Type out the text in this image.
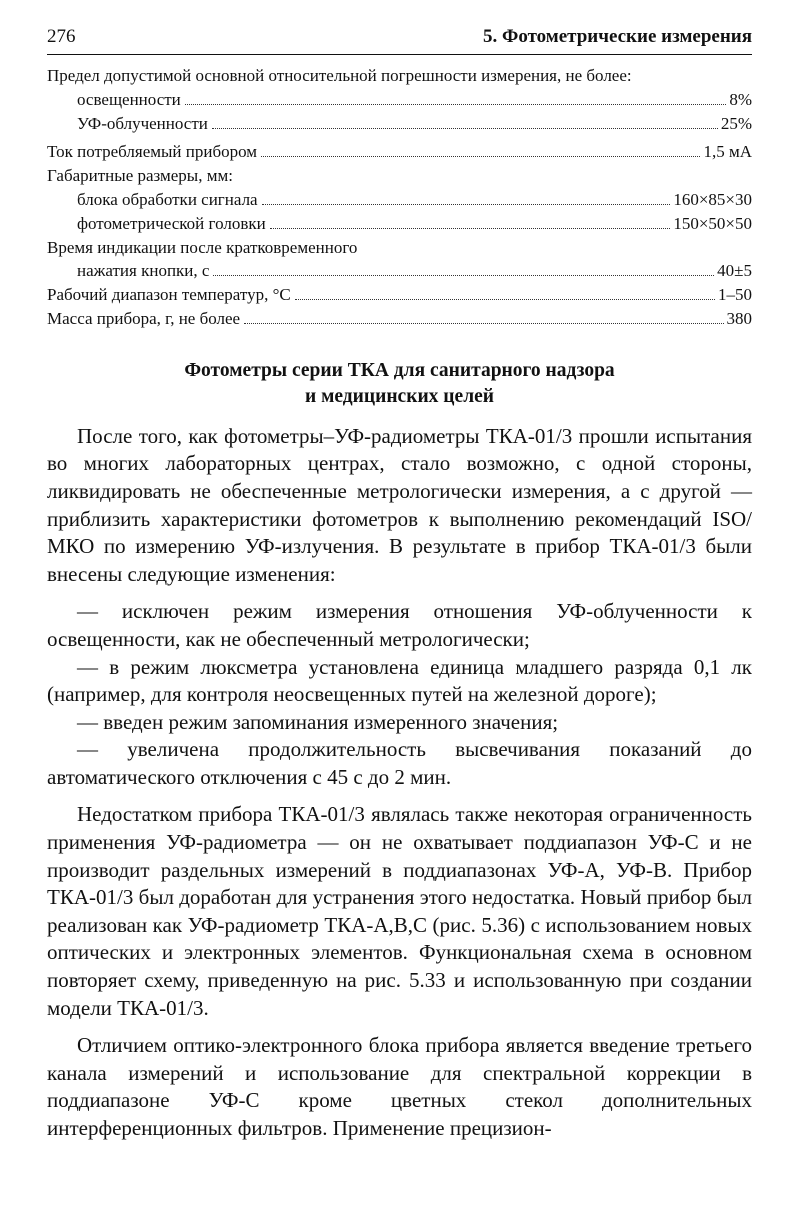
276	5. Фотометрические измерения
Предел допустимой основной относительной погрешности измерения, не более:
освещенности	8%
УФ-облученности	25%
Ток потребляемый прибором	1,5 мА
Габаритные размеры, мм:
блока обработки сигнала	160×85×30
фотометрической головки	150×50×50
Время индикации после кратковременного
нажатия кнопки, с	40±5
Рабочий диапазон температур, °С	1–50
Масса прибора, г, не более	380
Фотометры серии ТКА для санитарного надзора
и медицинских целей

После того, как фотометры–УФ-радиометры ТКА-01/3 прошли испытания во многих лабораторных центрах, стало возможно, с одной стороны, ликвидировать не обеспеченные метрологически измерения, а с другой — приблизить характеристики фотометров к выполнению рекомендаций ISO/МКО по измерению УФ-излучения. В результате в прибор ТКА-01/3 были внесены следующие изменения:

— исключен режим измерения отношения УФ-облученности к освещенности, как не обеспеченный метрологически;

— в режим люксметра установлена единица младшего разряда 0,1 лк (например, для контроля неосвещенных путей на железной дороге);

— введен режим запоминания измеренного значения;

— увеличена продолжительность высвечивания показаний до автоматического отключения с 45 с до 2 мин.

Недостатком прибора ТКА-01/3 являлась также некоторая ограниченность применения УФ-радиометра — он не охватывает поддиапазон УФ-С и не производит раздельных измерений в поддиапазонах УФ-А, УФ-В. Прибор ТКА-01/3 был доработан для устранения этого недостатка. Новый прибор был реализован как УФ-радиометр ТКА-А,В,С (рис. 5.36) с использованием новых оптических и электронных элементов. Функциональная схема в основном повторяет схему, приведенную на рис. 5.33 и использованную при создании модели ТКА-01/3.

Отличием оптико-электронного блока прибора является введение третьего канала измерений и использование для спектральной коррекции в поддиапазоне УФ-С кроме цветных стекол дополнительных интерференционных фильтров. Применение прецизион-
